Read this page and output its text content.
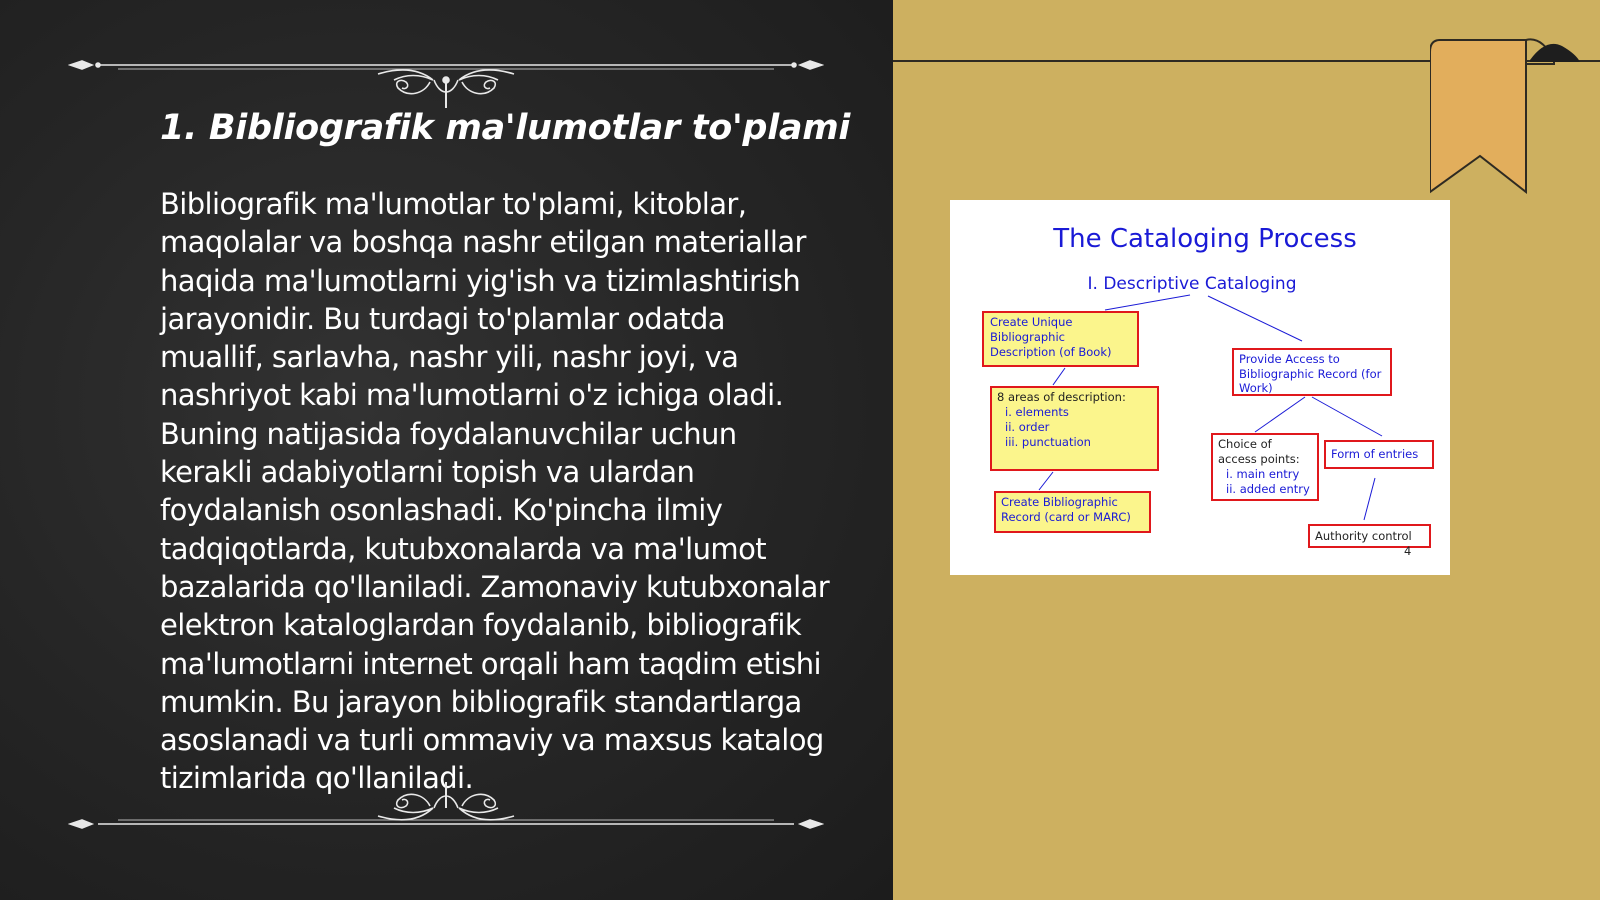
1. Bibliografik ma'lumotlar to'plami

Bibliografik ma'lumotlar to'plami, kitoblar, maqolalar va boshqa nashr etilgan materiallar haqida ma'lumotlarni yig'ish va tizimlashtirish jarayonidir. Bu turdagi to'plamlar odatda muallif, sarlavha, nashr yili, nashr joyi, va nashriyot kabi ma'lumotlarni o'z ichiga oladi. Buning natijasida foydalanuvchilar uchun kerakli adabiyotlarni topish va ulardan foydalanish osonlashadi. Ko'pincha ilmiy tadqiqotlarda, kutubxonalarda va ma'lumot bazalarida qo'llaniladi. Zamonaviy kutubxonalar elektron kataloglardan foydalanib, bibliografik ma'lumotlarni internet orqali ham taqdim etishi mumkin. Bu jarayon bibliografik standartlarga asoslanadi va turli ommaviy va maxsus katalog tizimlarida qo'llaniladi.

The Cataloging Process
I. Descriptive Cataloging
Create Unique
Bibliographic
Description (of Book)
8 areas of description:
i. elements
ii. order
iii. punctuation
Create Bibliographic
Record (card or MARC)
Provide Access to
Bibliographic Record (for
Work)
Choice of
access points:
i. main entry
ii. added entry
Form of entries
Authority control
4
